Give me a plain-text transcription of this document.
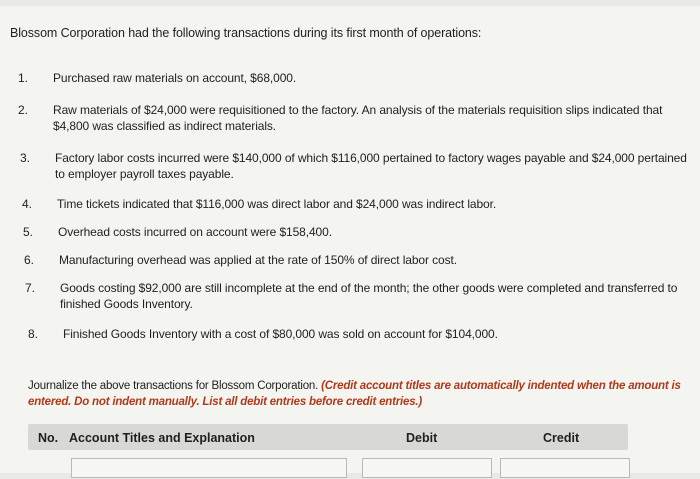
Blossom Corporation had the following transactions during its first month of operations:
1. Purchased raw materials on account, $68,000.
2. Raw materials of $24,000 were requisitioned to the factory. An analysis of the materials requisition slips indicated that
$4,800 was classified as indirect materials.
3. Factory labor costs incurred were $140,000 of which $116,000 pertained to factory wages payable and $24,000 pertained
to employer payroll taxes payable.
4. Time tickets indicated that $116,000 was direct labor and $24,000 was indirect labor.
5. Overhead costs incurred on account were $158,400.
6. Manufacturing overhead was applied at the rate of 150% of direct labor cost.
7. Goods costing $92,000 are still incomplete at the end of the month; the other goods were completed and transferred to
finished Goods Inventory.
8. Finished Goods Inventory with a cost of $80,000 was sold on account for $104,000.
Journalize the above transactions for Blossom Corporation. (Credit account titles are automatically indented when the amount is entered. Do not indent manually. List all debit entries before credit entries.)
No. Account Titles and Explanation	Debit	Credit
